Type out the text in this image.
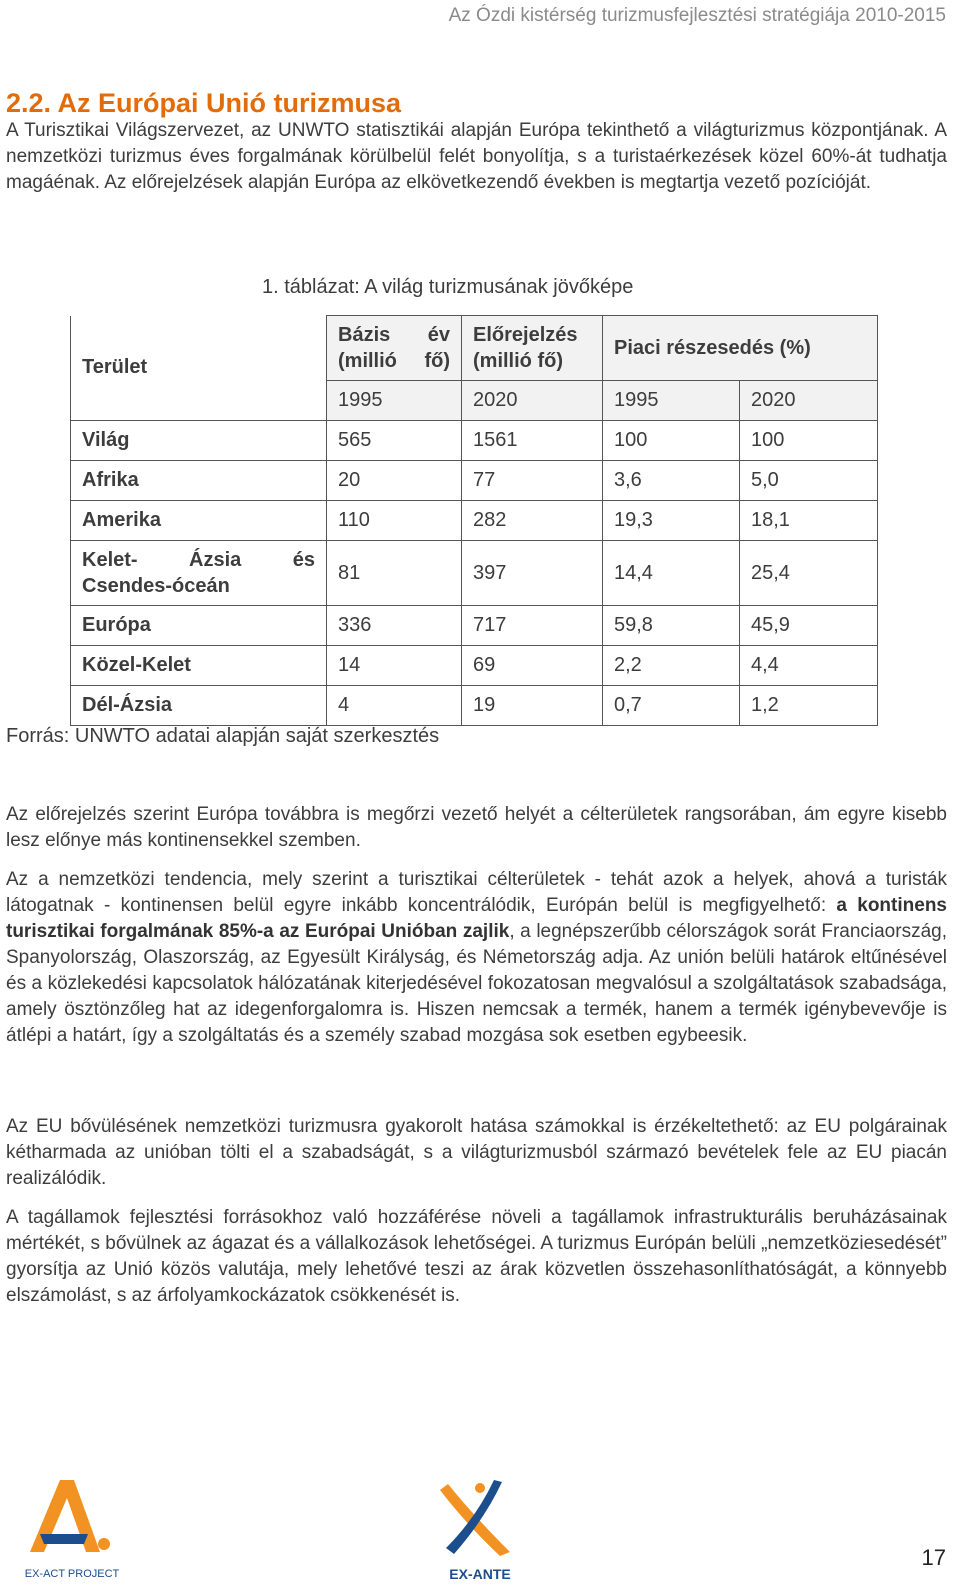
Az Ózdi kistérség turizmusfejlesztési stratégiája 2010-2015
2.2. Az Európai Unió turizmusa

A Turisztikai Világszervezet, az UNWTO statisztikái alapján Európa tekinthető a világturizmus központjának. A nemzetközi turizmus éves forgalmának körülbelül felét bonyolítja, s a turistaérkezések közel 60%-át tudhatja magáénak. Az előrejelzések alapján Európa az elkövetkezendő években is megtartja vezető pozícióját.

1. táblázat: A világ turizmusának jövőképe
Terület	Bázis év (millió fő)	Előrejelzés (millió fő)	Piaci részesedés (%)	
	1995	2020	1995	2020
Világ	565	1561	100	100
Afrika	20	77	3,6	5,0
Amerika	110	282	19,3	18,1
Kelet- Ázsia és Csendes-óceán	81	397	14,4	25,4
Európa	336	717	59,8	45,9
Közel-Kelet	14	69	2,2	4,4
Dél-Ázsia	4	19	0,7	1,2
Forrás: UNWTO adatai alapján saját szerkesztés

Az előrejelzés szerint Európa továbbra is megőrzi vezető helyét a célterületek rangsorában, ám egyre kisebb lesz előnye más kontinensekkel szemben.

Az a nemzetközi tendencia, mely szerint a turisztikai célterületek - tehát azok a helyek, ahová a turisták látogatnak - kontinensen belül egyre inkább koncentrálódik, Európán belül is megfigyelhető: a kontinens turisztikai forgalmának 85%-a az Európai Unióban zajlik, a legnépszerűbb célországok sorát Franciaország, Spanyolország, Olaszország, az Egyesült Királyság, és Németország adja. Az unión belüli határok eltűnésével és a közlekedési kapcsolatok hálózatának kiterjedésével fokozatosan megvalósul a szolgáltatások szabadsága, amely ösztönzőleg hat az idegenforgalomra is. Hiszen nemcsak a termék, hanem a termék igénybevevője is átlépi a határt, így a szolgáltatás és a személy szabad mozgása sok esetben egybeesik.

Az EU bővülésének nemzetközi turizmusra gyakorolt hatása számokkal is érzékeltethető: az EU polgárainak kétharmada az unióban tölti el a szabadságát, s a világturizmusból származó bevételek fele az EU piacán realizálódik.

A tagállamok fejlesztési forrásokhoz való hozzáférése növeli a tagállamok infrastrukturális beruházásainak mértékét, s bővülnek az ágazat és a vállalkozások lehetőségei. A turizmus Európán belüli „nemzetköziesedését” gyorsítja az Unió közös valutája, mely lehetővé teszi az árak közvetlen összehasonlíthatóságát, a könnyebb elszámolást, s az árfolyamkockázatok csökkenését is.

EX-ACT PROJECT	EX-ANTE
17
